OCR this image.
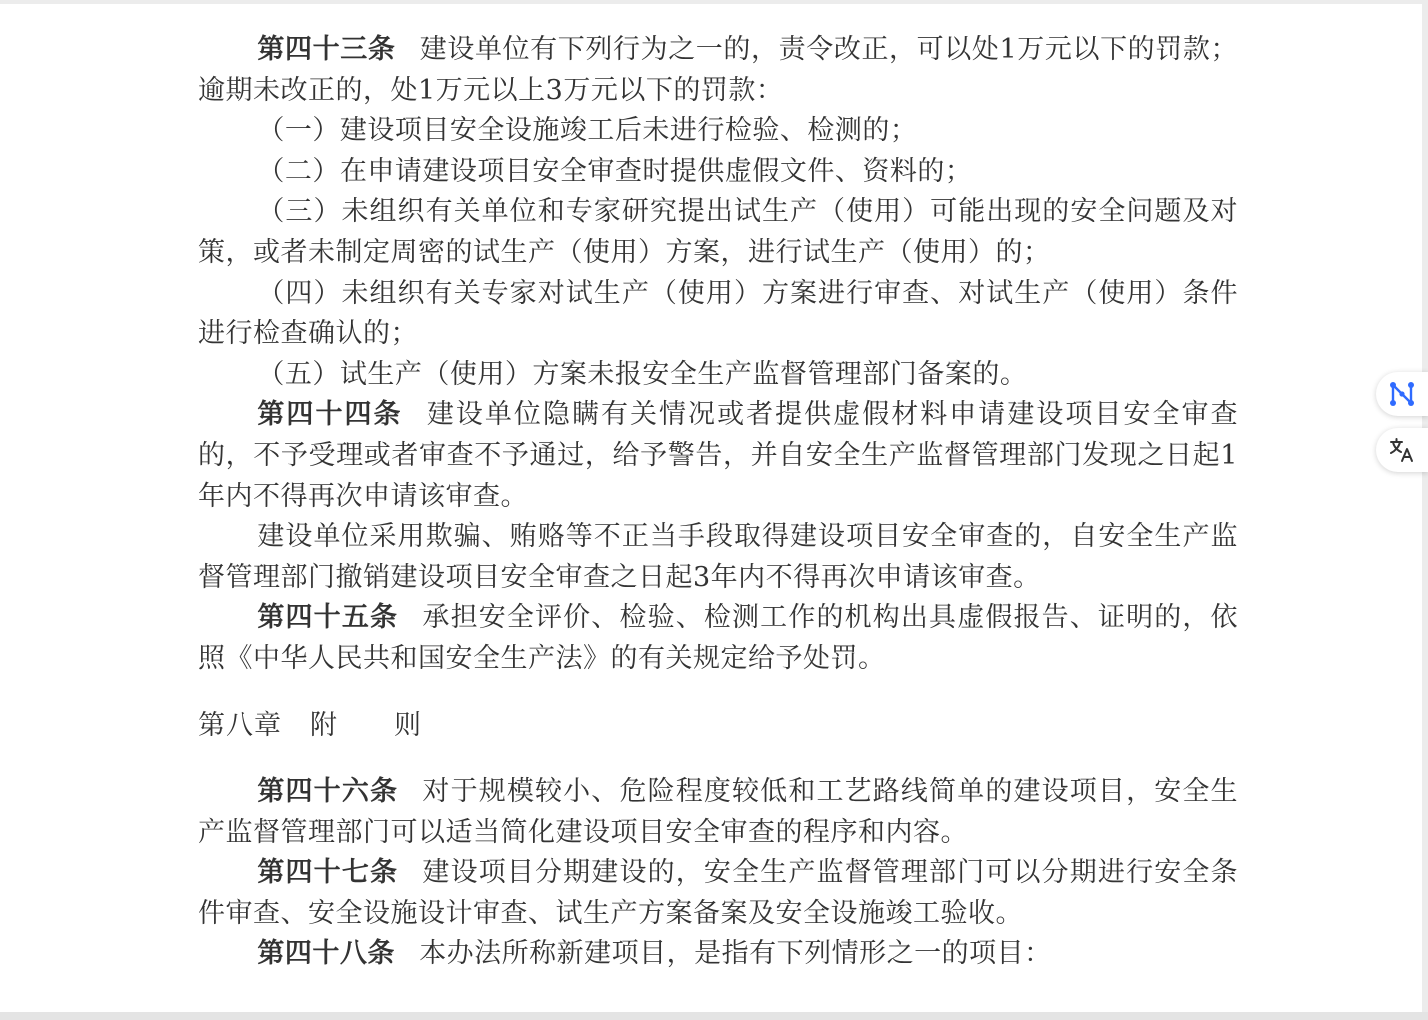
第四十三条 建设单位有下列行为之一的，责令改正，可以处1万元以下的罚款；逾期未改正的，处1万元以上3万元以下的罚款：

（一）建设项目安全设施竣工后未进行检验、检测的；

（二）在申请建设项目安全审查时提供虚假文件、资料的；

（三）未组织有关单位和专家研究提出试生产（使用）可能出现的安全问题及对策，或者未制定周密的试生产（使用）方案，进行试生产（使用）的；

（四）未组织有关专家对试生产（使用）方案进行审查、对试生产（使用）条件进行检查确认的；

（五）试生产（使用）方案未报安全生产监督管理部门备案的。

第四十四条 建设单位隐瞒有关情况或者提供虚假材料申请建设项目安全审查的，不予受理或者审查不予通过，给予警告，并自安全生产监督管理部门发现之日起1年内不得再次申请该审查。

建设单位采用欺骗、贿赂等不正当手段取得建设项目安全审查的，自安全生产监督管理部门撤销建设项目安全审查之日起3年内不得再次申请该审查。

第四十五条 承担安全评价、检验、检测工作的机构出具虚假报告、证明的，依照《中华人民共和国安全生产法》的有关规定给予处罚。

第八章　附　　则

第四十六条 对于规模较小、危险程度较低和工艺路线简单的建设项目，安全生产监督管理部门可以适当简化建设项目安全审查的程序和内容。

第四十七条 建设项目分期建设的，安全生产监督管理部门可以分期进行安全条件审查、安全设施设计审查、试生产方案备案及安全设施竣工验收。

第四十八条 本办法所称新建项目，是指有下列情形之一的项目：
